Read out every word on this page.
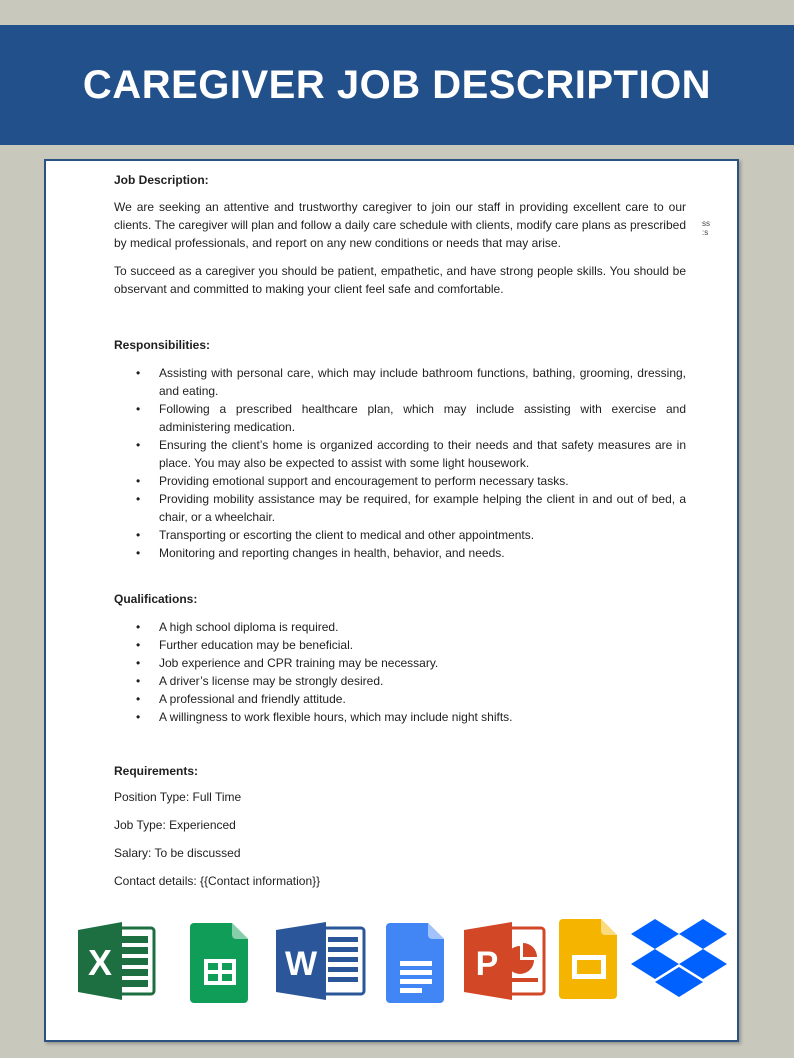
CAREGIVER JOB DESCRIPTION
ss
:s

Job Description:

We are seeking an attentive and trustworthy caregiver to join our staff in providing excellent care to our clients. The caregiver will plan and follow a daily care schedule with clients, modify care plans as prescribed by medical professionals, and report on any new conditions or needs that may arise.

To succeed as a caregiver you should be patient, empathetic, and have strong people skills. You should be observant and committed to making your client feel safe and comfortable.

Responsibilities:

• Assisting with personal care, which may include bathroom functions, bathing, grooming, dressing, and eating.
• Following a prescribed healthcare plan, which may include assisting with exercise and administering medication.
• Ensuring the client’s home is organized according to their needs and that safety measures are in place. You may also be expected to assist with some light housework.
• Providing emotional support and encouragement to perform necessary tasks.
• Providing mobility assistance may be required, for example helping the client in and out of bed, a chair, or a wheelchair.
• Transporting or escorting the client to medical and other appointments.
• Monitoring and reporting changes in health, behavior, and needs.

Qualifications:

• A high school diploma is required.
• Further education may be beneficial.
• Job experience and CPR training may be necessary.
• A driver’s license may be strongly desired.
• A professional and friendly attitude.
• A willingness to work flexible hours, which may include night shifts.

Requirements:

Position Type: Full Time

Job Type: Experienced

Salary: To be discussed

Contact details: {{Contact information}}

X	W	P
